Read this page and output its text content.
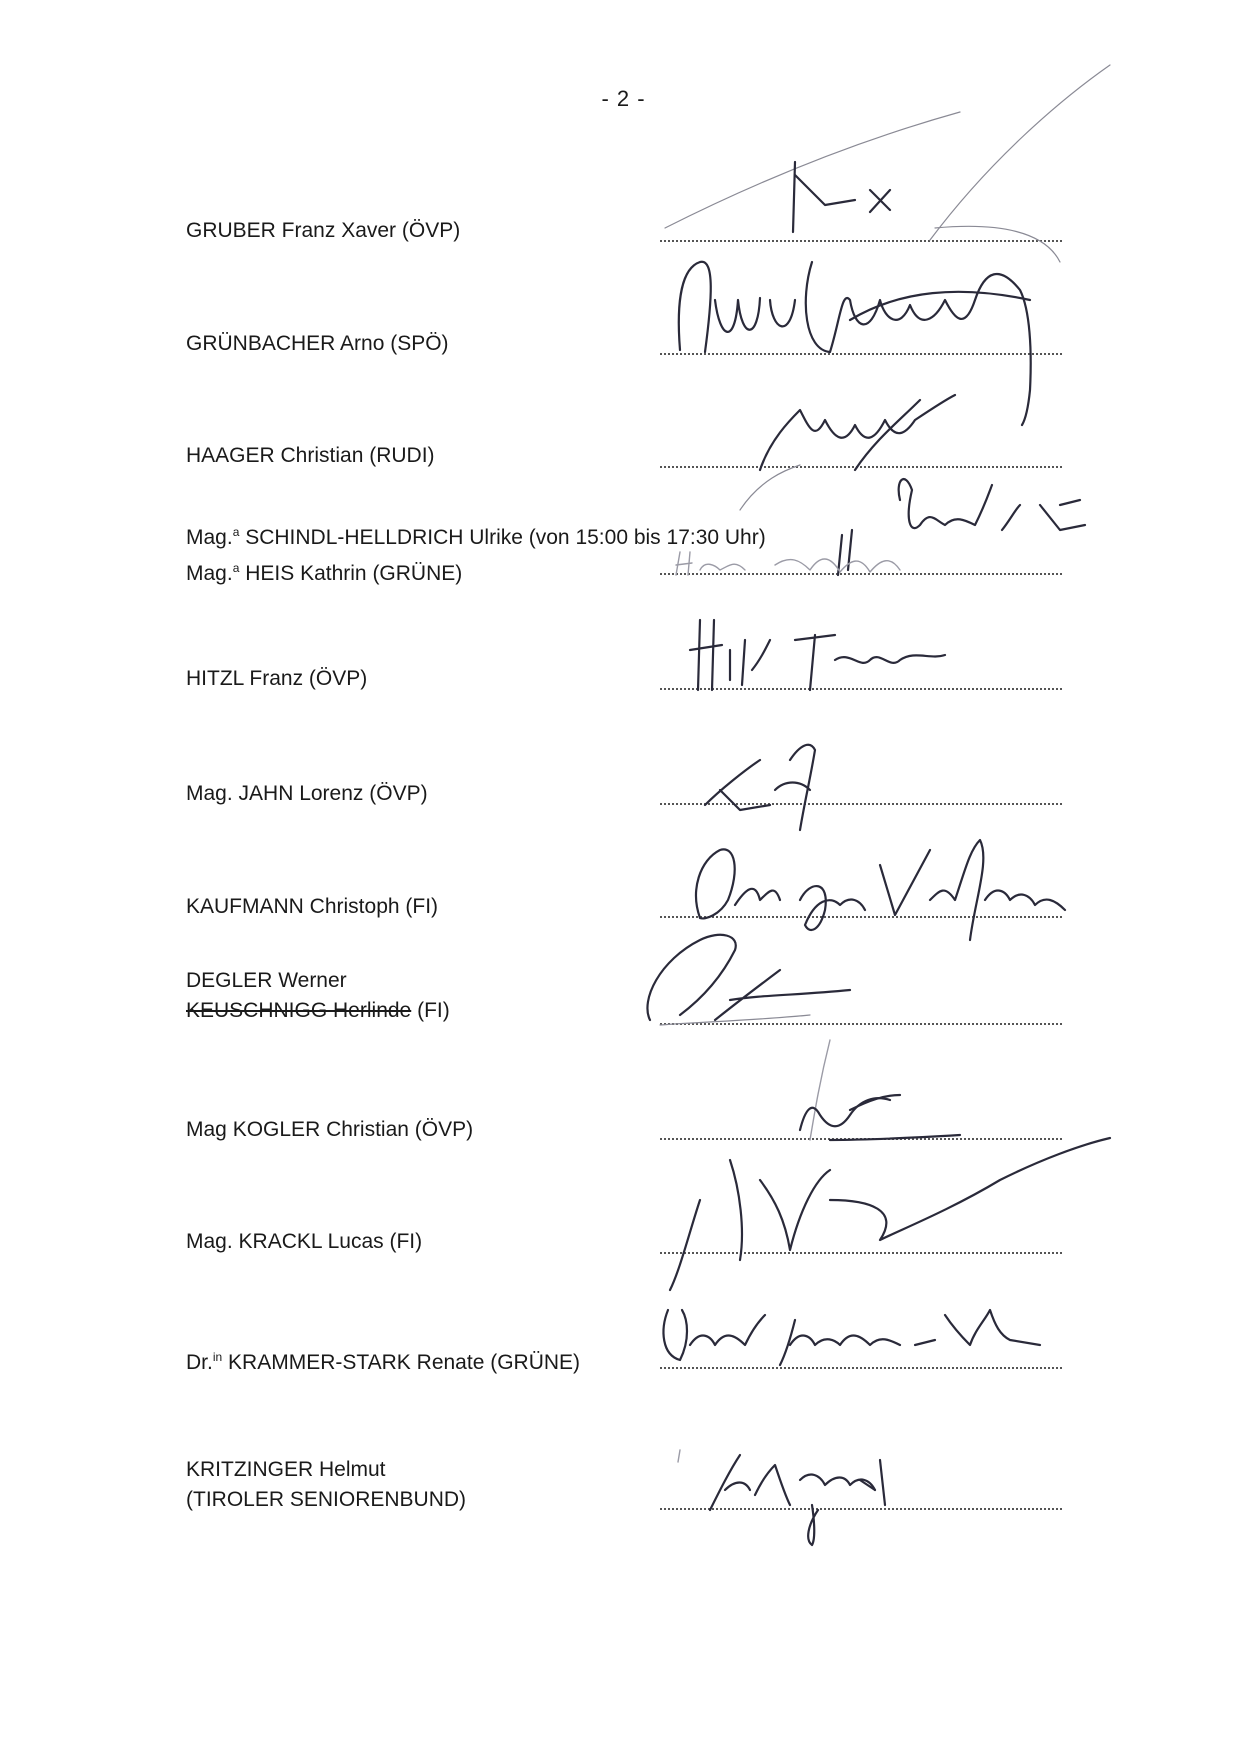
- 2 -
GRUBER Franz Xaver (ÖVP)
GRÜNBACHER Arno (SPÖ)
HAAGER Christian (RUDI)
Mag.$^a$ SCHINDL-HELLDRICH Ulrike (von 15:00 bis 17:30 Uhr)
Mag.$^a$ HEIS Kathrin (GRÜNE)
HITZL Franz (ÖVP)
Mag. JAHN Lorenz (ÖVP)
KAUFMANN Christoph (FI)
DEGLER Werner
KEUSCHNIGG Herlinde (FI)
Mag KOGLER Christian (ÖVP)
Mag. KRACKL Lucas (FI)
Dr.$^{in}$ KRAMMER-STARK Renate (GRÜNE)
KRITZINGER Helmut
(TIROLER SENIORENBUND)
